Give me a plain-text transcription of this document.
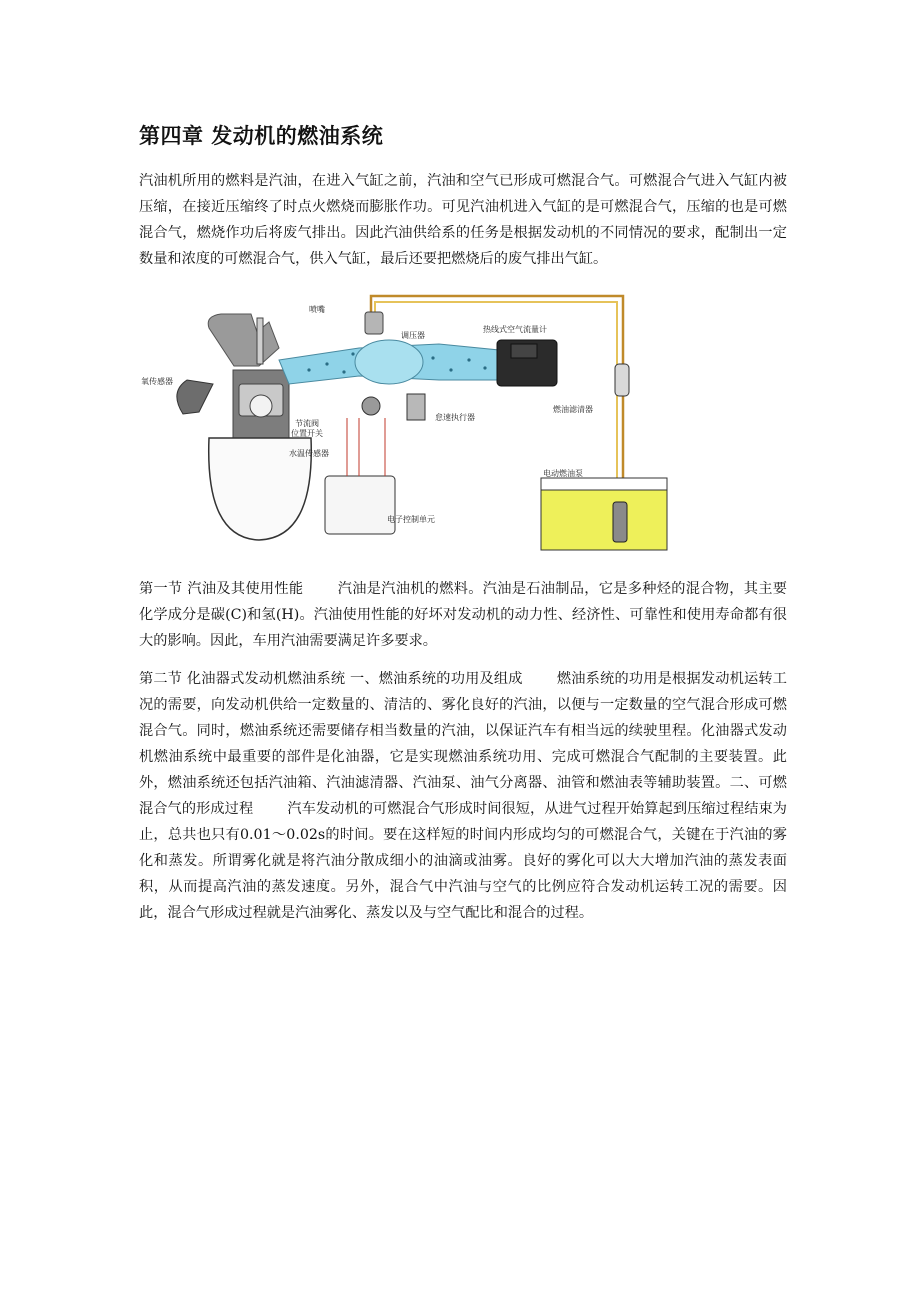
第四章 发动机的燃油系统

汽油机所用的燃料是汽油，在进入气缸之前，汽油和空气已形成可燃混合气。可燃混合气进入气缸内被压缩，在接近压缩终了时点火燃烧而膨胀作功。可见汽油机进入气缸的是可燃混合气，压缩的也是可燃混合气，燃烧作功后将废气排出。因此汽油供给系的任务是根据发动机的不同情况的要求，配制出一定数量和浓度的可燃混合气，供入气缸，最后还要把燃烧后的废气排出气缸。

喷嘴
调压器
热线式空气流量计
氧传感器
节流阀
位置开关
怠速执行器
水温传感器
燃油滤清器
电动燃油泵
电子控制单元

第一节 汽油及其使用性能 汽油是汽油机的燃料。汽油是石油制品，它是多种烃的混合物，其主要化学成分是碳(C)和氢(H)。汽油使用性能的好坏对发动机的动力性、经济性、可靠性和使用寿命都有很大的影响。因此，车用汽油需要满足许多要求。

第二节 化油器式发动机燃油系统 一、燃油系统的功用及组成 燃油系统的功用是根据发动机运转工况的需要，向发动机供给一定数量的、清洁的、雾化良好的汽油，以便与一定数量的空气混合形成可燃混合气。同时，燃油系统还需要储存相当数量的汽油，以保证汽车有相当远的续驶里程。化油器式发动机燃油系统中最重要的部件是化油器，它是实现燃油系统功用、完成可燃混合气配制的主要装置。此外，燃油系统还包括汽油箱、汽油滤清器、汽油泵、油气分离器、油管和燃油表等辅助装置。二、可燃混合气的形成过程 汽车发动机的可燃混合气形成时间很短，从进气过程开始算起到压缩过程结束为止，总共也只有0.01～0.02s的时间。要在这样短的时间内形成均匀的可燃混合气，关键在于汽油的雾化和蒸发。所谓雾化就是将汽油分散成细小的油滴或油雾。良好的雾化可以大大增加汽油的蒸发表面积，从而提高汽油的蒸发速度。另外，混合气中汽油与空气的比例应符合发动机运转工况的需要。因此，混合气形成过程就是汽油雾化、蒸发以及与空气配比和混合的过程。
